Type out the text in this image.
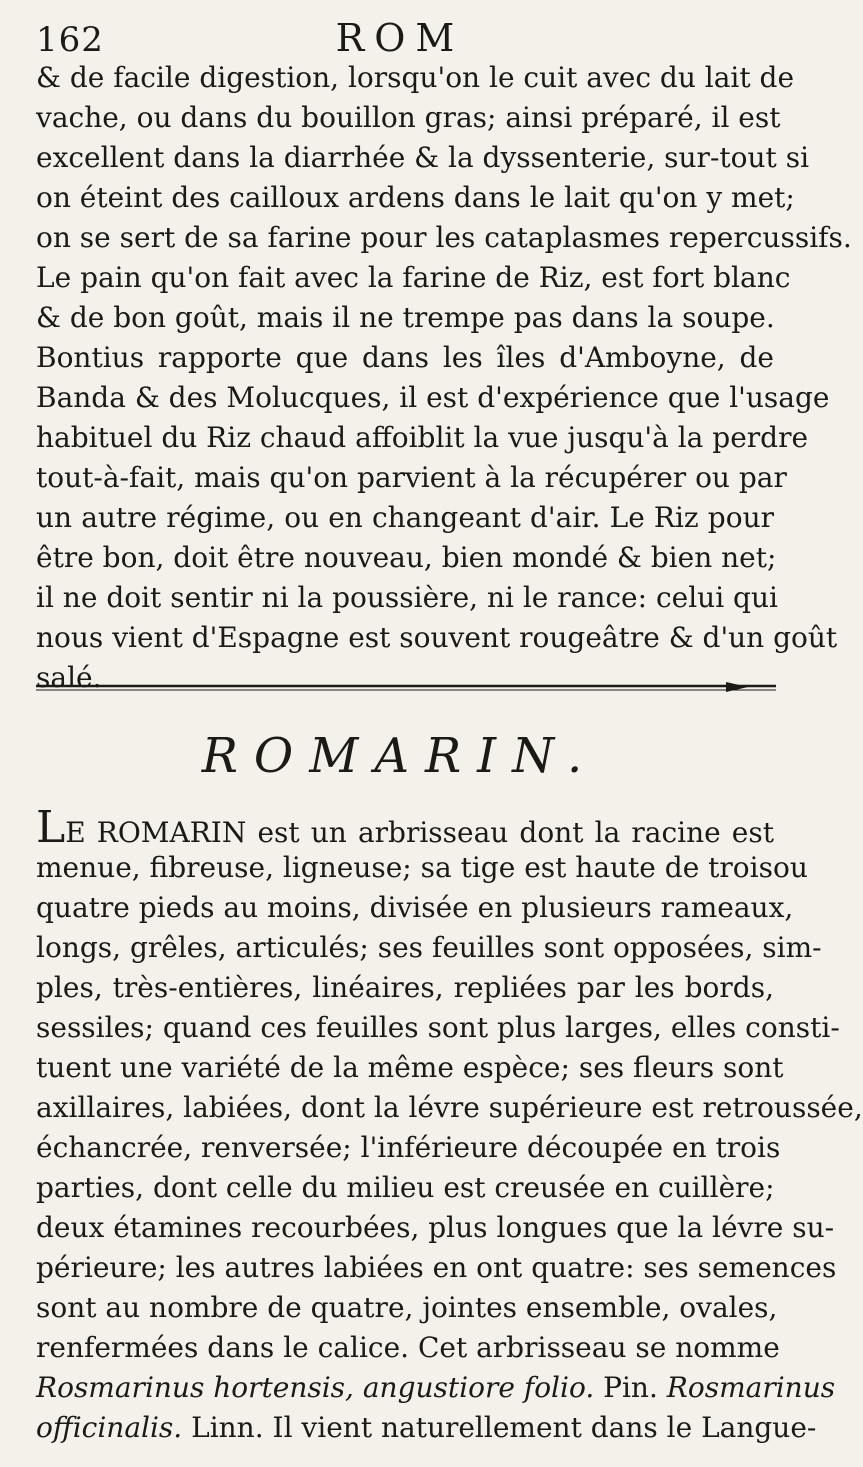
162	ROM
& de facile digestion, lorsqu'on le cuit avec du lait de
vache, ou dans du bouillon gras; ainsi préparé, il est
excellent dans la diarrhée & la dyssenterie, sur-tout si
on éteint des cailloux ardens dans le lait qu'on y met;
on se sert de sa farine pour les cataplasmes repercussifs.
Le pain qu'on fait avec la farine de Riz, est fort blanc
& de bon goût, mais il ne trempe pas dans la soupe.
Bontius rapporte que dans les îles d'Amboyne, de
Banda & des Molucques, il est d'expérience que l'usage
habituel du Riz chaud affoiblit la vue jusqu'à la perdre
tout-à-fait, mais qu'on parvient à la récupérer ou par
un autre régime, ou en changeant d'air. Le Riz pour
être bon, doit être nouveau, bien mondé & bien net;
il ne doit sentir ni la poussière, ni le rance: celui qui
nous vient d'Espagne est souvent rougeâtre & d'un goût
salé.
ROMARIN.
LE ROMARIN est un arbrisseau dont la racine est
menue, fibreuse, ligneuse; sa tige est haute de troisou
quatre pieds au moins, divisée en plusieurs rameaux,
longs, grêles, articulés; ses feuilles sont opposées, sim-
ples, très-entières, linéaires, repliées par les bords,
sessiles; quand ces feuilles sont plus larges, elles consti-
tuent une variété de la même espèce; ses fleurs sont
axillaires, labiées, dont la lévre supérieure est retroussée,
échancrée, renversée; l'inférieure découpée en trois
parties, dont celle du milieu est creusée en cuillère;
deux étamines recourbées, plus longues que la lévre su-
périeure; les autres labiées en ont quatre: ses semences
sont au nombre de quatre, jointes ensemble, ovales,
renfermées dans le calice. Cet arbrisseau se nomme
Rosmarinus hortensis, angustiore folio. Pin. Rosmarinus
officinalis. Linn. Il vient naturellement dans le Langue-
